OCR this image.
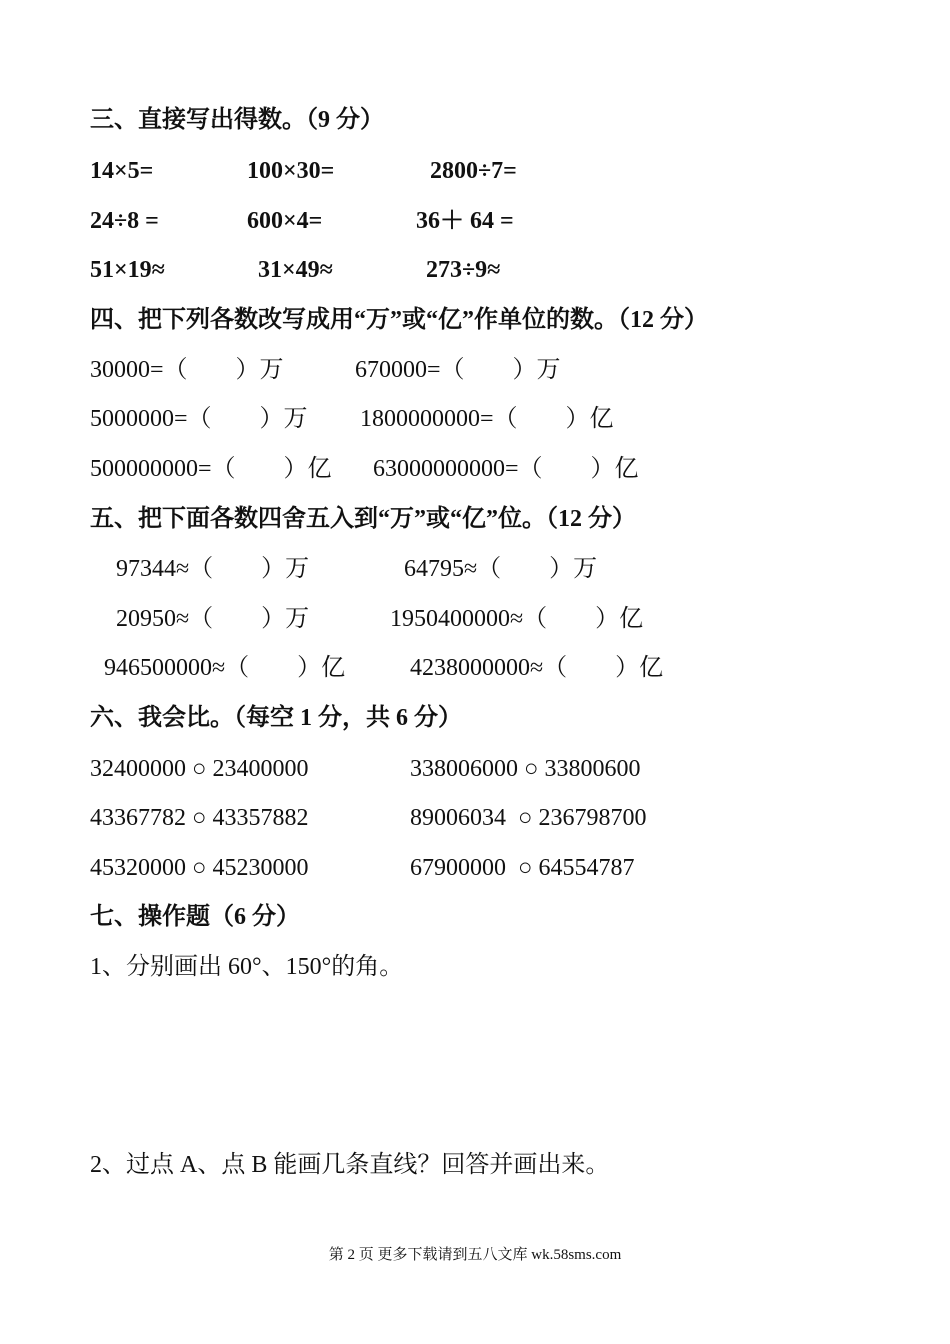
三、直接写出得数。（9 分）
14×5=	100×30=	2800÷7=
24÷8 =	600×4=	36＋ 64 =
51×19≈	31×49≈	273÷9≈
四、把下列各数改写成用“万”或“亿”作单位的数。（12 分）
30000=（　　）万	670000=（　　）万
5000000=（　　）万 1800000000=（　　）亿
500000000=（　　）亿 63000000000=（　　）亿
五、把下面各数四舍五入到“万”或“亿”位。（12 分）
97344≈（　　）万	64795≈（　　）万
20950≈（　　）万	1950400000≈（　　）亿
946500000≈（　　）亿	4238000000≈（　　）亿
六、我会比。（每空 1 分，共 6 分）
32400000 ○ 23400000	338006000 ○ 33800600
43367782 ○ 43357882	89006034  ○ 236798700
45320000 ○ 45230000	67900000  ○ 64554787
七、操作题（6 分）
1、分别画出 60°、150°的角。
2、过点 A、点 B 能画几条直线？回答并画出来。
第 2 页 更多下载请到五八文库 wk.58sms.com
